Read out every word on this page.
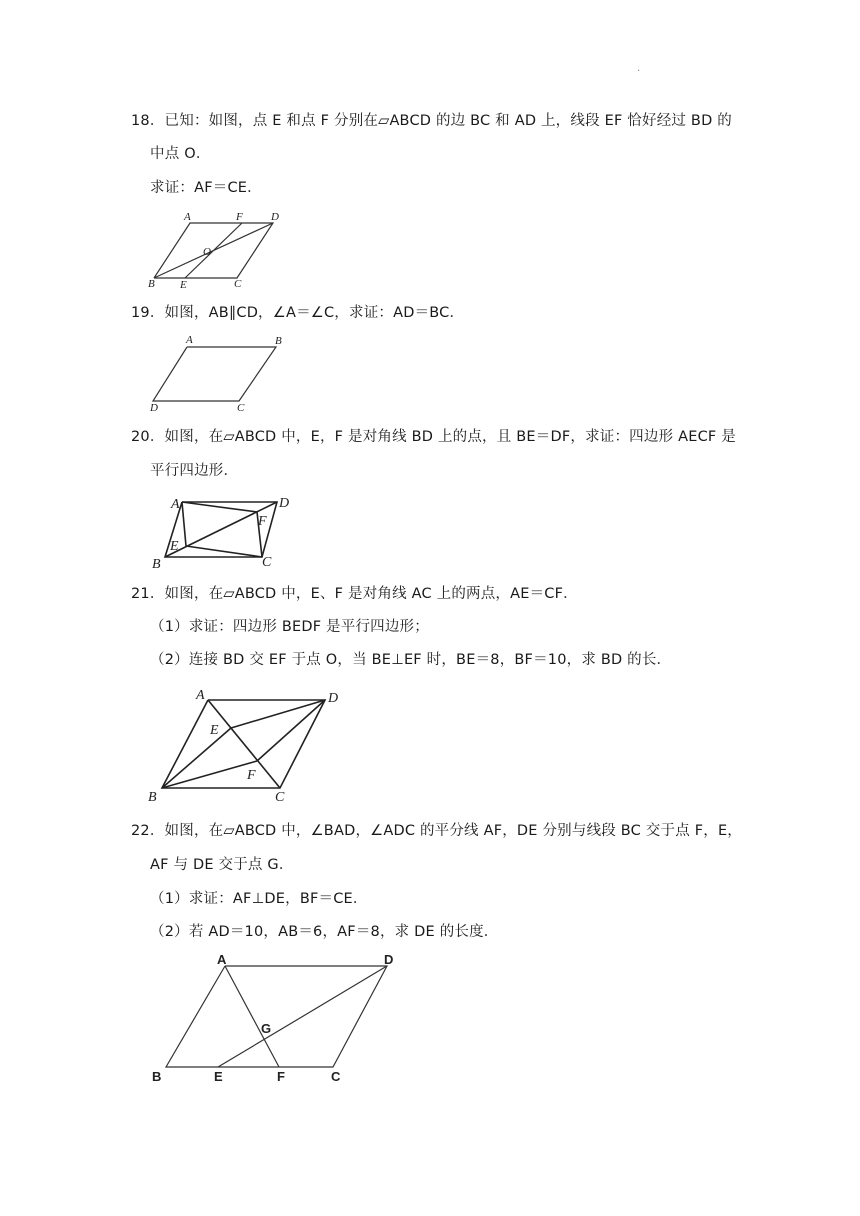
·
18．已知：如图，点 E 和点 F 分别在▱ABCD 的边 BC 和 AD 上，线段 EF 恰好经过 BD 的
中点 O．
求证：AF＝CE．
A	F	D
O
B E	C
19．如图，AB∥CD，∠A＝∠C，求证：AD＝BC．
A	B
D	C
20．如图，在▱ABCD 中，E，F 是对角线 BD 上的点，且 BE＝DF，求证：四边形 AECF 是
平行四边形．
A	D
F
E
B	C
21．如图，在▱ABCD 中，E、F 是对角线 AC 上的两点，AE＝CF．
（1）求证：四边形 BEDF 是平行四边形；
（2）连接 BD 交 EF 于点 O，当 BE⊥EF 时，BE＝8，BF＝10，求 BD 的长．
A	D
E
F
B	C
22．如图，在▱ABCD 中，∠BAD，∠ADC 的平分线 AF，DE 分别与线段 BC 交于点 F，E，
AF 与 DE 交于点 G．
（1）求证：AF⊥DE，BF＝CE．
（2）若 AD＝10，AB＝6，AF＝8，求 DE 的长度．
A	D
G
B	E	F	C
